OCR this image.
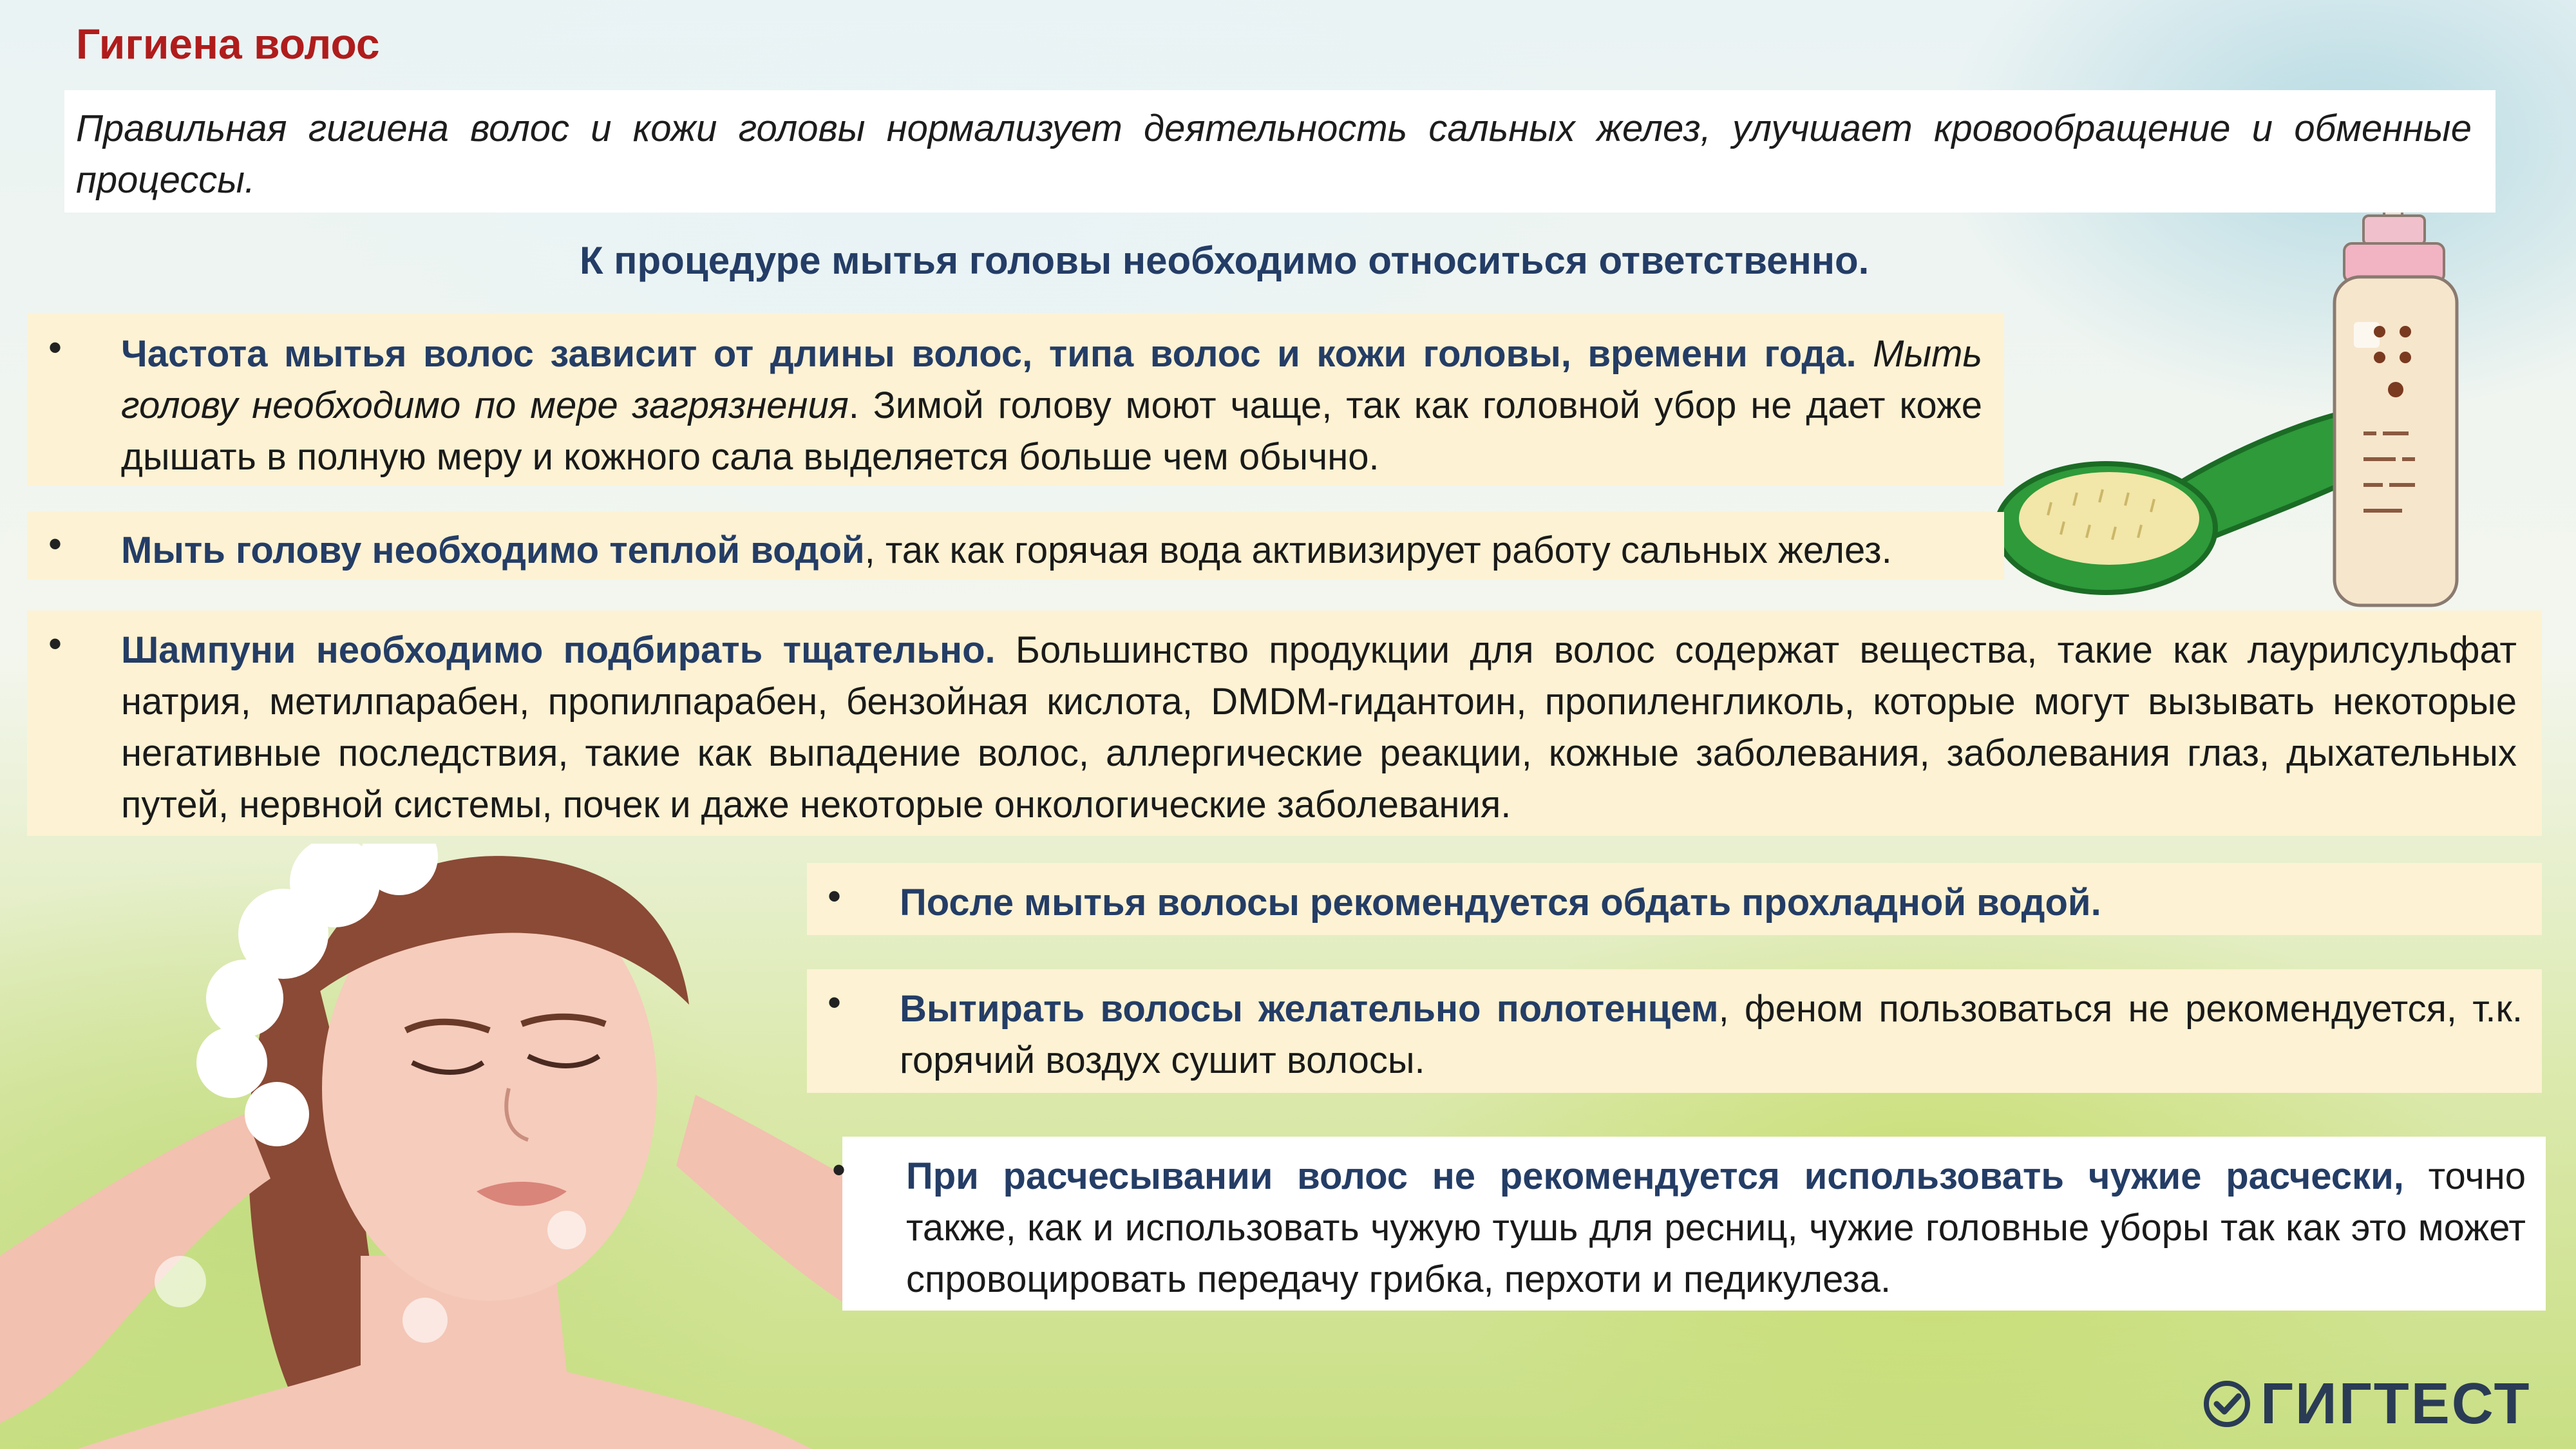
Гигиена волос

Правильная гигиена волос и кожи головы нормализует деятельность сальных желез, улучшает кровообращение и обменные процессы.

К процедуре мытья головы необходимо относиться ответственно.
• Частота мытья волос зависит от длины волос, типа волос и кожи головы, времени года. Мыть голову необходимо по мере загрязнения. Зимой голову моют чаще, так как головной убор не дает коже дышать в полную меру и кожного сала выделяется больше чем обычно.

• Мыть голову необходимо теплой водой, так как горячая вода активизирует работу сальных желез.

• Шампуни необходимо подбирать тщательно. Большинство продукции для волос содержат вещества, такие как лаурилсульфат натрия, метилпарабен, пропилпарабен, бензойная кислота, DMDM-гидантоин, пропиленгликоль, которые могут вызывать некоторые негативные последствия, такие как выпадение волос, аллергические реакции, кожные заболевания, заболевания глаз, дыхательных путей, нервной системы, почек и даже некоторые онкологические заболевания.

• После мытья волосы рекомендуется обдать прохладной водой.

• Вытирать волосы желательно полотенцем, феном пользоваться не рекомендуется, т.к. горячий воздух сушит волосы.

• При расчесывании волос не рекомендуется использовать чужие расчески, точно также, как и использовать чужую тушь для ресниц, чужие головные уборы так как это может спровоцировать передачу грибка, перхоти и педикулеза.

ГИГТЕСТ
